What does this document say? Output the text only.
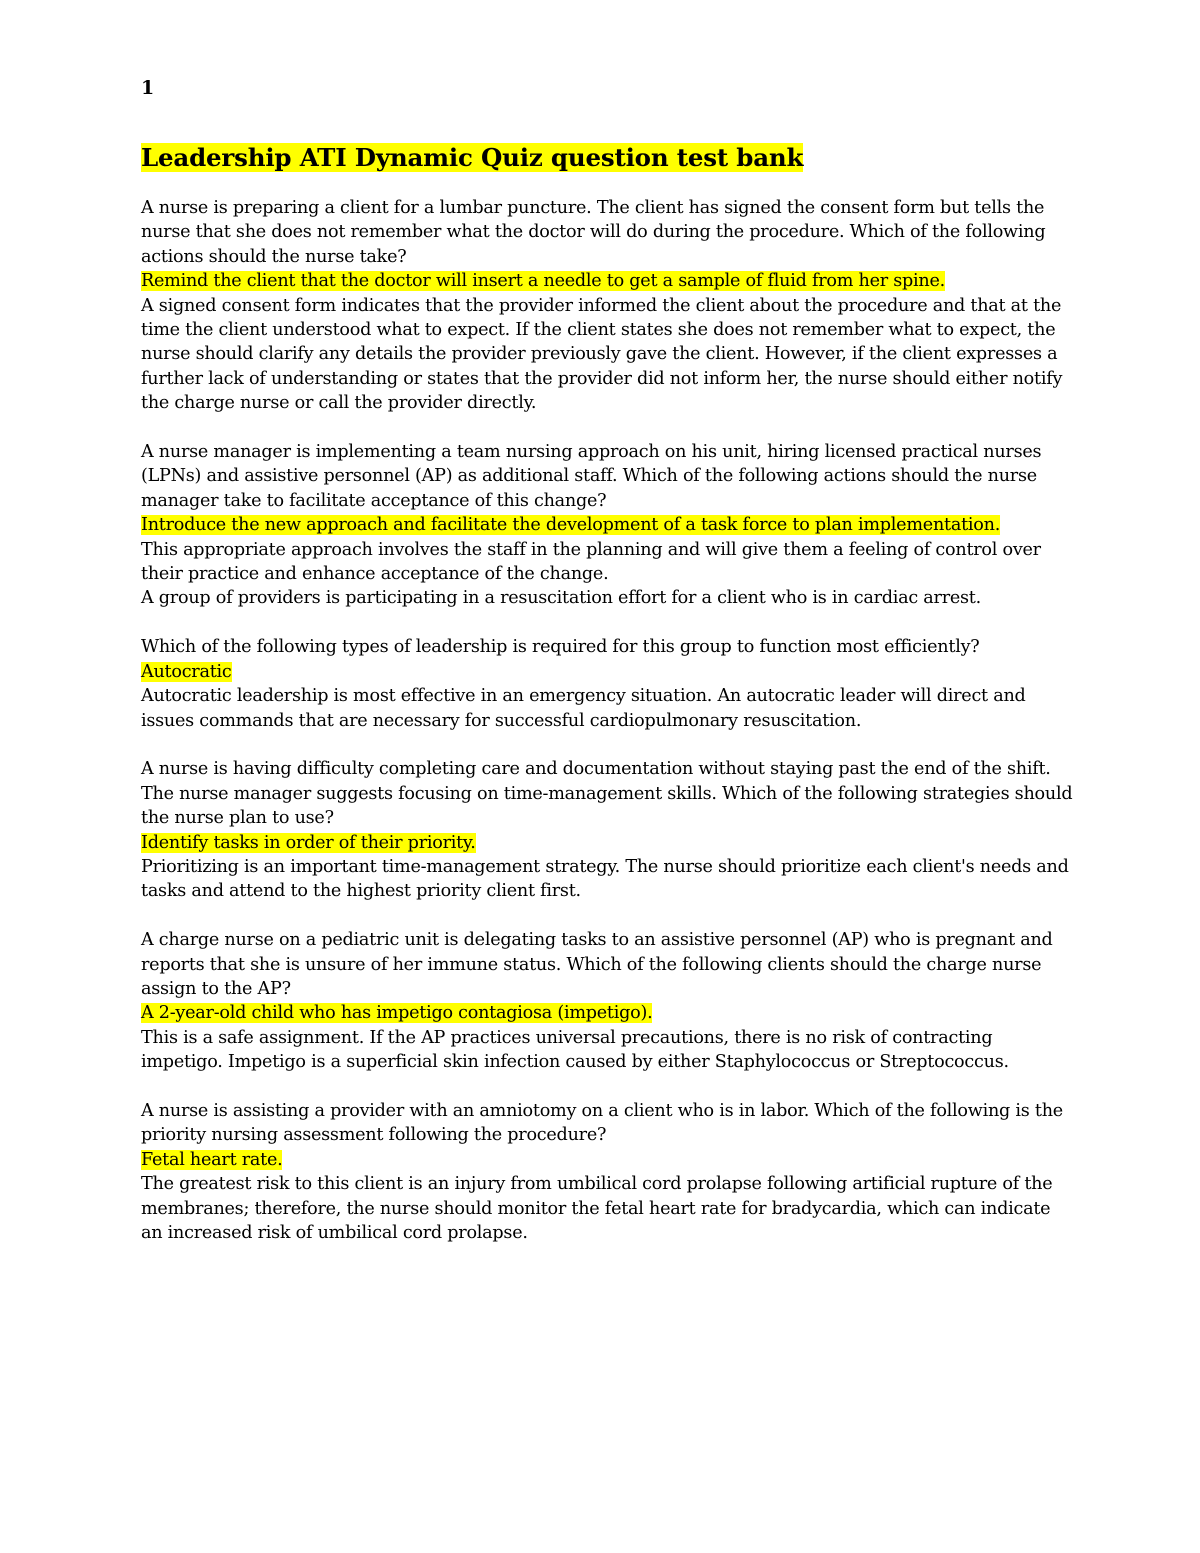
1
Leadership ATI Dynamic Quiz question test bank

A nurse is preparing a client for a lumbar puncture. The client has signed the consent form but tells the nurse that she does not remember what the doctor will do during the procedure. Which of the following actions should the nurse take?

Remind the client that the doctor will insert a needle to get a sample of fluid from her spine.

A signed consent form indicates that the provider informed the client about the procedure and that at the time the client understood what to expect. If the client states she does not remember what to expect, the nurse should clarify any details the provider previously gave the client. However, if the client expresses a further lack of understanding or states that the provider did not inform her, the nurse should either notify the charge nurse or call the provider directly.

A nurse manager is implementing a team nursing approach on his unit, hiring licensed practical nurses (LPNs) and assistive personnel (AP) as additional staff. Which of the following actions should the nurse manager take to facilitate acceptance of this change?

Introduce the new approach and facilitate the development of a task force to plan implementation.

This appropriate approach involves the staff in the planning and will give them a feeling of control over their practice and enhance acceptance of the change.

A group of providers is participating in a resuscitation effort for a client who is in cardiac arrest.

Which of the following types of leadership is required for this group to function most efficiently?

Autocratic

Autocratic leadership is most effective in an emergency situation. An autocratic leader will direct and issues commands that are necessary for successful cardiopulmonary resuscitation.

A nurse is having difficulty completing care and documentation without staying past the end of the shift. The nurse manager suggests focusing on time-management skills. Which of the following strategies should the nurse plan to use?

Identify tasks in order of their priority.

Prioritizing is an important time-management strategy. The nurse should prioritize each client's needs and tasks and attend to the highest priority client first.

A charge nurse on a pediatric unit is delegating tasks to an assistive personnel (AP) who is pregnant and reports that she is unsure of her immune status. Which of the following clients should the charge nurse assign to the AP?

A 2-year-old child who has impetigo contagiosa (impetigo).

This is a safe assignment. If the AP practices universal precautions, there is no risk of contracting impetigo. Impetigo is a superficial skin infection caused by either Staphylococcus or Streptococcus.

A nurse is assisting a provider with an amniotomy on a client who is in labor. Which of the following is the priority nursing assessment following the procedure?

Fetal heart rate.

The greatest risk to this client is an injury from umbilical cord prolapse following artificial rupture of the membranes; therefore, the nurse should monitor the fetal heart rate for bradycardia, which can indicate an increased risk of umbilical cord prolapse.
